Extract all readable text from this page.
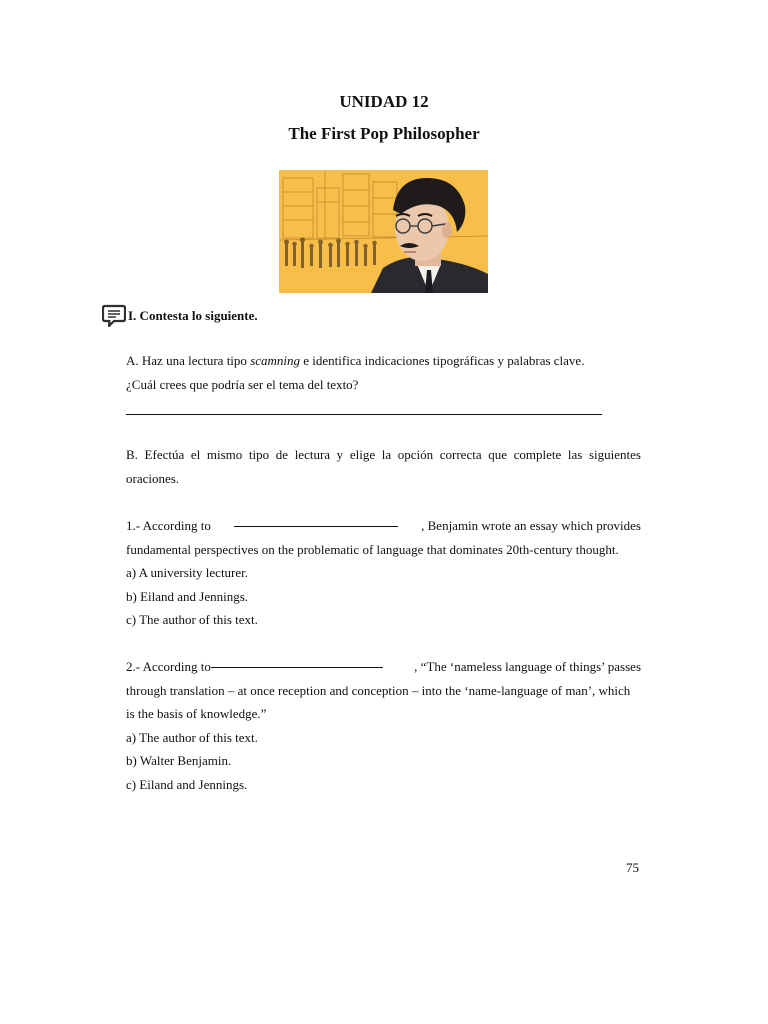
UNIDAD 12
The First Pop Philosopher
I. Contesta lo siguiente.
A. Haz una lectura tipo scamning e identifica indicaciones tipográficas y palabras clave.
¿Cuál crees que podría ser el tema del texto?
B. Efectúa el mismo tipo de lectura y elige la opción correcta que complete las siguientes oraciones.
1.- According to	, Benjamin wrote an essay which provides
fundamental perspectives on the problematic of language that dominates 20th-century thought.
a) A university lecturer.
b) Eiland and Jennings.
c) The author of this text.
2.- According to	, “The ‘nameless language of things’ passes
through translation – at once reception and conception – into the ‘name-language of man’, which
is the basis of knowledge.”
a) The author of this text.
b) Walter Benjamin.
c) Eiland and Jennings.
75
